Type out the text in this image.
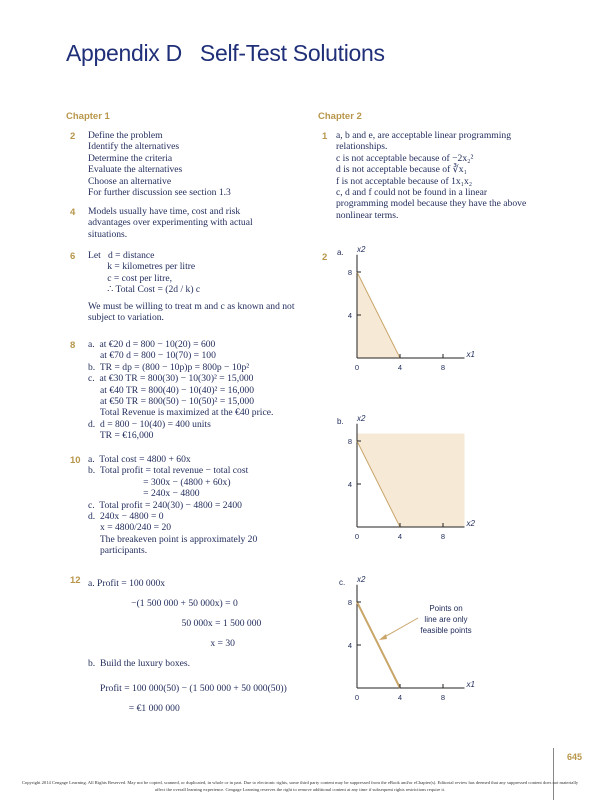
Appendix D Self-Test Solutions
Chapter 1	Chapter 2
2 Define the problem
Identify the alternatives
Determine the criteria
Evaluate the alternatives
Choose an alternative
For further discussion see section 1.3
4 Models usually have time, cost and risk
advantages over experimenting with actual
situations.
6 Let   d = distance
k = kilometres per litre
c = cost per litre,
∴ Total Cost = (2d / k) c
We must be willing to treat m and c as known and not
subject to variation.
8 a.  at €20 d = 800 − 10(20) = 600
at €70 d = 800 − 10(70) = 100
b.  TR = dp = (800 − 10p)p = 800p − 10p²
c.  at €30 TR = 800(30) − 10(30)² = 15,000
at €40 TR = 800(40) − 10(40)² = 16,000
at €50 TR = 800(50) − 10(50)² = 15,000
Total Revenue is maximized at the €40 price.
d.  d = 800 − 10(40) = 400 units
TR = €16,000
10 a.  Total cost = 4800 + 60x
b.  Total profit = total revenue − total cost
= 300x − (4800 + 60x)
= 240x − 4800
c.  Total profit = 240(30) − 4800 = 2400
d.  240x − 4800 = 0
x = 4800/240 = 20
The breakeven point is approximately 20
participants.
12 a. Profit = 100 000x
−(1 500 000 + 50 000x) = 0
50 000x = 1 500 000
x = 30
b.  Build the luxury boxes.
Profit = 100 000(50) − (1 500 000 + 50 000(50))
= €1 000 000
1 a, b and e, are acceptable linear programming
relationships.
c is not acceptable because of −2x₂²
d is not acceptable because of ∛x₁
f is not acceptable because of 1x₁x₂
c, d and f could not be found in a linear
programming model because they have the above
nonlinear terms.
2
0	4	8
4
8
a. x2
x1
0	4	8
4
8
b. x2
x2
0	4	8
4
8
c. x2
x1
Points on
line are only
feasible points
645
Copyright 2014 Cengage Learning. All Rights Reserved. May not be copied, scanned, or duplicated, in whole or in part. Due to electronic rights, some third party content may be suppressed from the eBook and/or eChapter(s). Editorial review has deemed that any suppressed content does not materially affect the overall learning experience. Cengage Learning reserves the right to remove additional content at any time if subsequent rights restrictions require it.
